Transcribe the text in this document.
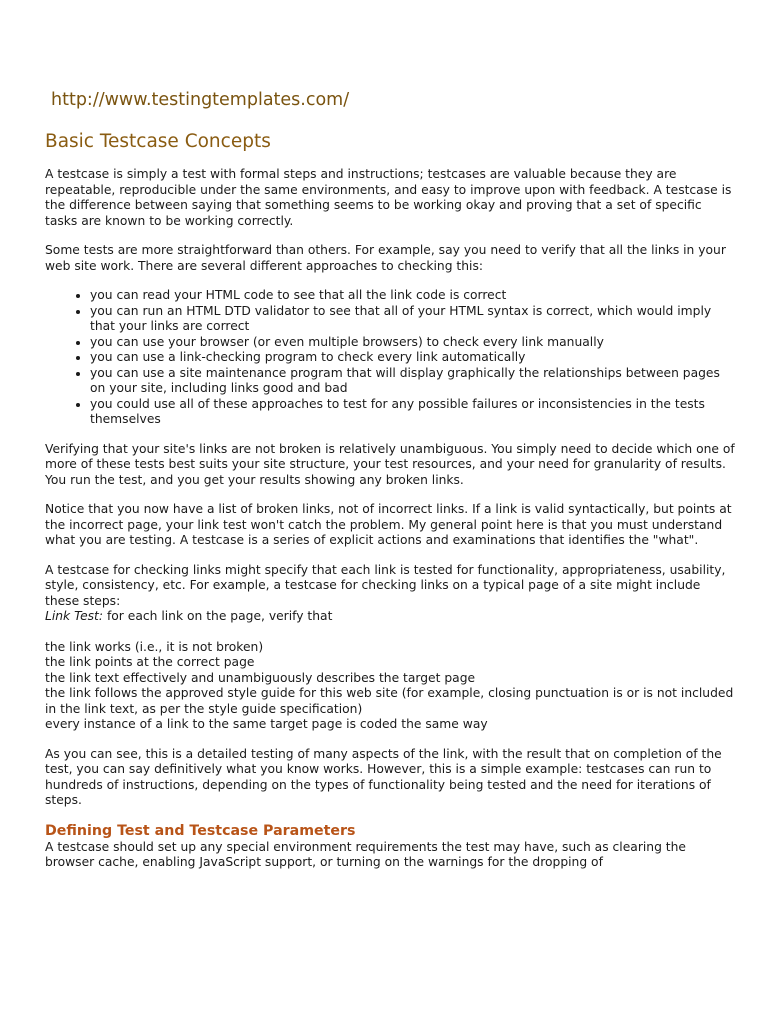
http://www.testingtemplates.com/

Basic Testcase Concepts

A testcase is simply a test with formal steps and instructions; testcases are valuable because they are repeatable, reproducible under the same environments, and easy to improve upon with feedback. A testcase is the difference between saying that something seems to be working okay and proving that a set of specific tasks are known to be working correctly.

Some tests are more straightforward than others. For example, say you need to verify that all the links in your web site work. There are several different approaches to checking this:

• you can read your HTML code to see that all the link code is correct
• you can run an HTML DTD validator to see that all of your HTML syntax is correct, which would imply that your links are correct
• you can use your browser (or even multiple browsers) to check every link manually
• you can use a link-checking program to check every link automatically
• you can use a site maintenance program that will display graphically the relationships between pages on your site, including links good and bad
• you could use all of these approaches to test for any possible failures or inconsistencies in the tests themselves

Verifying that your site's links are not broken is relatively unambiguous. You simply need to decide which one of more of these tests best suits your site structure, your test resources, and your need for granularity of results. You run the test, and you get your results showing any broken links.

Notice that you now have a list of broken links, not of incorrect links. If a link is valid syntactically, but points at the incorrect page, your link test won't catch the problem. My general point here is that you must understand what you are testing. A testcase is a series of explicit actions and examinations that identifies the "what".

A testcase for checking links might specify that each link is tested for functionality, appropriateness, usability, style, consistency, etc. For example, a testcase for checking links on a typical page of a site might include these steps:
Link Test: for each link on the page, verify that

the link works (i.e., it is not broken)
the link points at the correct page
the link text effectively and unambiguously describes the target page
the link follows the approved style guide for this web site (for example, closing punctuation is or is not included in the link text, as per the style guide specification)
every instance of a link to the same target page is coded the same way

As you can see, this is a detailed testing of many aspects of the link, with the result that on completion of the test, you can say definitively what you know works. However, this is a simple example: testcases can run to hundreds of instructions, depending on the types of functionality being tested and the need for iterations of steps.

Defining Test and Testcase Parameters

A testcase should set up any special environment requirements the test may have, such as clearing the browser cache, enabling JavaScript support, or turning on the warnings for the dropping of
